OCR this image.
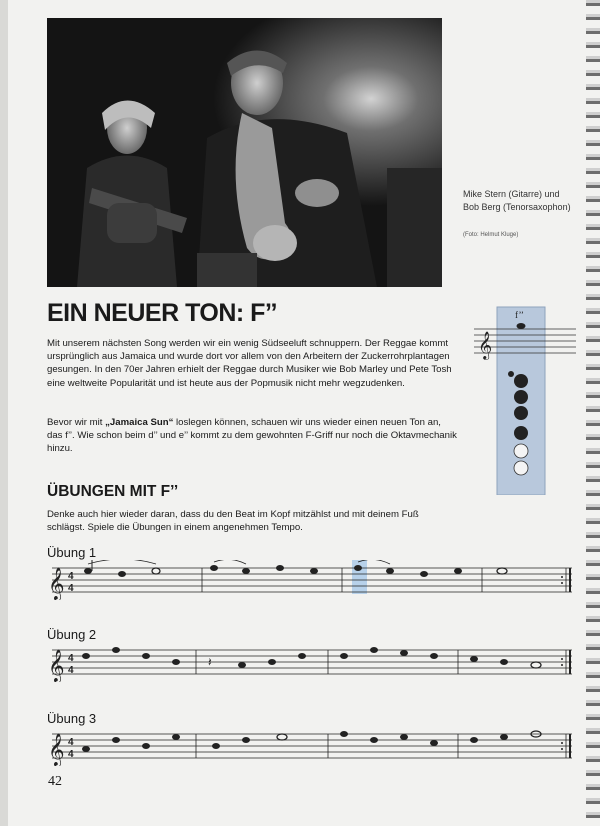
Mike Stern (Gitarre) und
Bob Berg (Tenorsaxophon)
(Foto: Helmut Kluge)
EIN NEUER TON: F’’

Mit unserem nächsten Song werden wir ein wenig Südseeluft schnuppern. Der Reggae kommt ursprünglich aus Jamaica und wurde dort vor allem von den Arbeitern der Zuckerrohrplantagen gesungen. In den 70er Jahren erhielt der Reggae durch Musiker wie Bob Marley und Pete Tosh eine weltweite Popularität und ist heute aus der Popmusik nicht mehr wegzudenken.

Bevor wir mit „Jamaica Sun“ loslegen können, schauen wir uns wieder einen neuen Ton an, das f’’. Wie schon beim d’’ und e’’ kommt zu dem gewohnten F-Griff nur noch die Oktavmechanik hinzu.

𝄞
f’’
ÜBUNGEN MIT F’’

Denke auch hier wieder daran, dass du den Beat im Kopf mitzählst und mit deinem Fuß schlägst. Spiele die Übungen in einem angenehmen Tempo.

Übung 1
𝄞 4
4
Übung 2
𝄞 4
4
𝄽
Übung 3
𝄞 4
4
42
